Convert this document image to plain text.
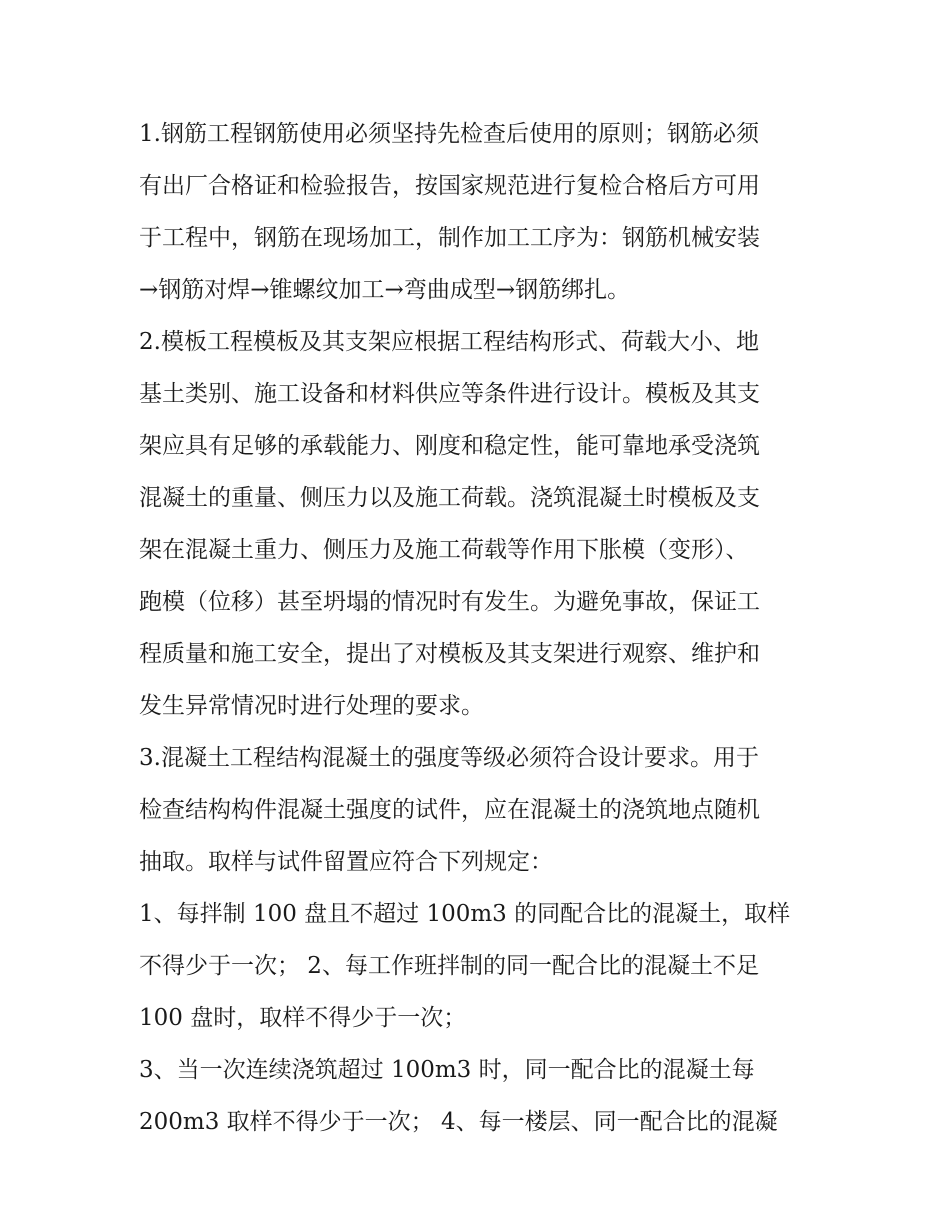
1.钢筋工程钢筋使用必须坚持先检查后使用的原则；钢筋必须
有出厂合格证和检验报告，按国家规范进行复检合格后方可用
于工程中，钢筋在现场加工，制作加工工序为：钢筋机械安装
→钢筋对焊→锥螺纹加工→弯曲成型→钢筋绑扎。
2.模板工程模板及其支架应根据工程结构形式、荷载大小、地
基土类别、施工设备和材料供应等条件进行设计。模板及其支
架应具有足够的承载能力、刚度和稳定性，能可靠地承受浇筑
混凝土的重量、侧压力以及施工荷载。浇筑混凝土时模板及支
架在混凝土重力、侧压力及施工荷载等作用下胀模（变形）、
跑模（位移）甚至坍塌的情况时有发生。为避免事故，保证工
程质量和施工安全，提出了对模板及其支架进行观察、维护和
发生异常情况时进行处理的要求。
3.混凝土工程结构混凝土的强度等级必须符合设计要求。用于
检查结构构件混凝土强度的试件，应在混凝土的浇筑地点随机
抽取。取样与试件留置应符合下列规定：
1、每拌制 100 盘且不超过 100m3 的同配合比的混凝土，取样
不得少于一次； 2、每工作班拌制的同一配合比的混凝土不足
100 盘时，取样不得少于一次；
3、当一次连续浇筑超过 100m3 时，同一配合比的混凝土每
200m3 取样不得少于一次； 4、每一楼层、同一配合比的混凝
